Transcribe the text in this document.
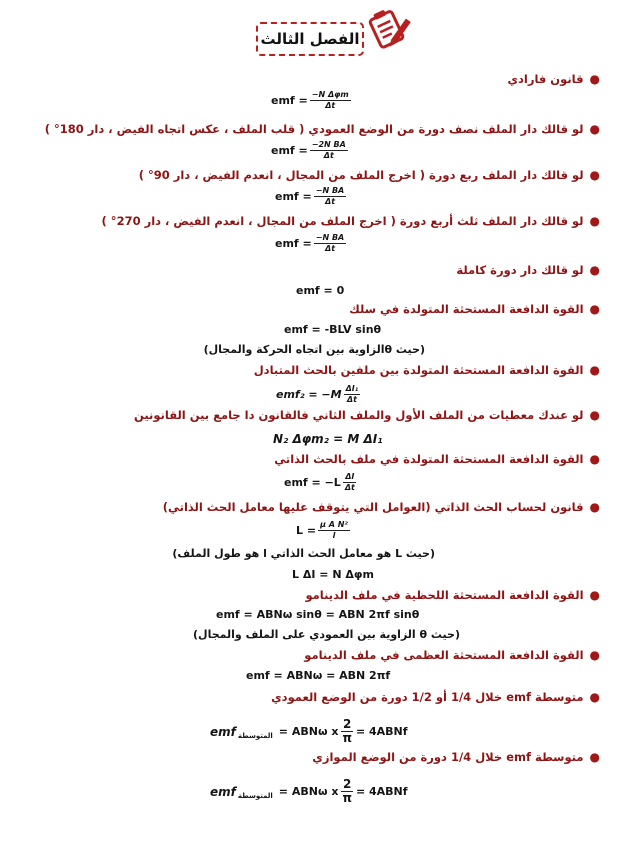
الفصل الثالث
●قانون فارادي
emf = $\frac{\text{−N Δφm}}{\Delta t}$
●لو قالك دار الملف نصف دورة من الوضع العمودي ( قلب الملف ، عكس اتجاه الفيض ، دار 180° )
emf = $\frac{\text{−2N BA}}{\Delta t}$
●لو قالك دار الملف ربع دورة ( اخرج الملف من المجال ، انعدم الفيض ، دار 90° )
emf = $\frac{\text{−N BA}}{\Delta t}$
●لو قالك دار الملف ثلث أربع دورة ( اخرج الملف من المجال ، انعدم الفيض ، دار 270° )
emf = $\frac{\text{−N BA}}{\Delta t}$
●لو قالك دار دورة كاملة
emf = 0
●القوة الدافعة المستحثة المتولدة في سلك
emf = -BLV sinθ
(حيث θالزاوية بين اتجاه الحركة والمجال)
●القوة الدافعة المستحثة المتولدة بين ملفين بالحث المتبادل
$emf_2 = -M \frac{\text{ΔI₁}}{\Delta t}$
●لو عندك معطيات من الملف الأول والملف الثاني فالقانون دا جامع بين القانونين
N₂ Δφm₂ = M ΔI₁
●القوة الدافعة المستحثة المتولدة في ملف بالحث الذاتي
emf = $-L \frac{\Delta I}{\Delta t}$
●قانون لحساب الحث الذاتي (العوامل التي يتوقف عليها معامل الحث الذاتي)
$L = \frac{\text{μ A N²}}{l}$
(حيث L هو معامل الحث الذاتي l هو طول الملف)
L ΔI = N Δφm
●القوة الدافعة المستحثة اللحظية في ملف الدينامو
emf = ABNω sinθ = ABN 2πf sinθ
(حيث θ الزاوية بين العمودي على الملف والمجال)
●القوة الدافعة المستحثة العظمى في ملف الدينامو
emf = ABNω = ABN 2πf
●متوسطة emf خلال 1/4 أو 1/2 دورة من الوضع العمودي
emf المتوسطة = ABNω x $\frac{2}{\pi}$ = 4ABNf
●متوسطة emf خلال 1/4 دورة من الوضع الموازي
emf المتوسطة = ABNω x $\frac{2}{\pi}$ = 4ABNf
